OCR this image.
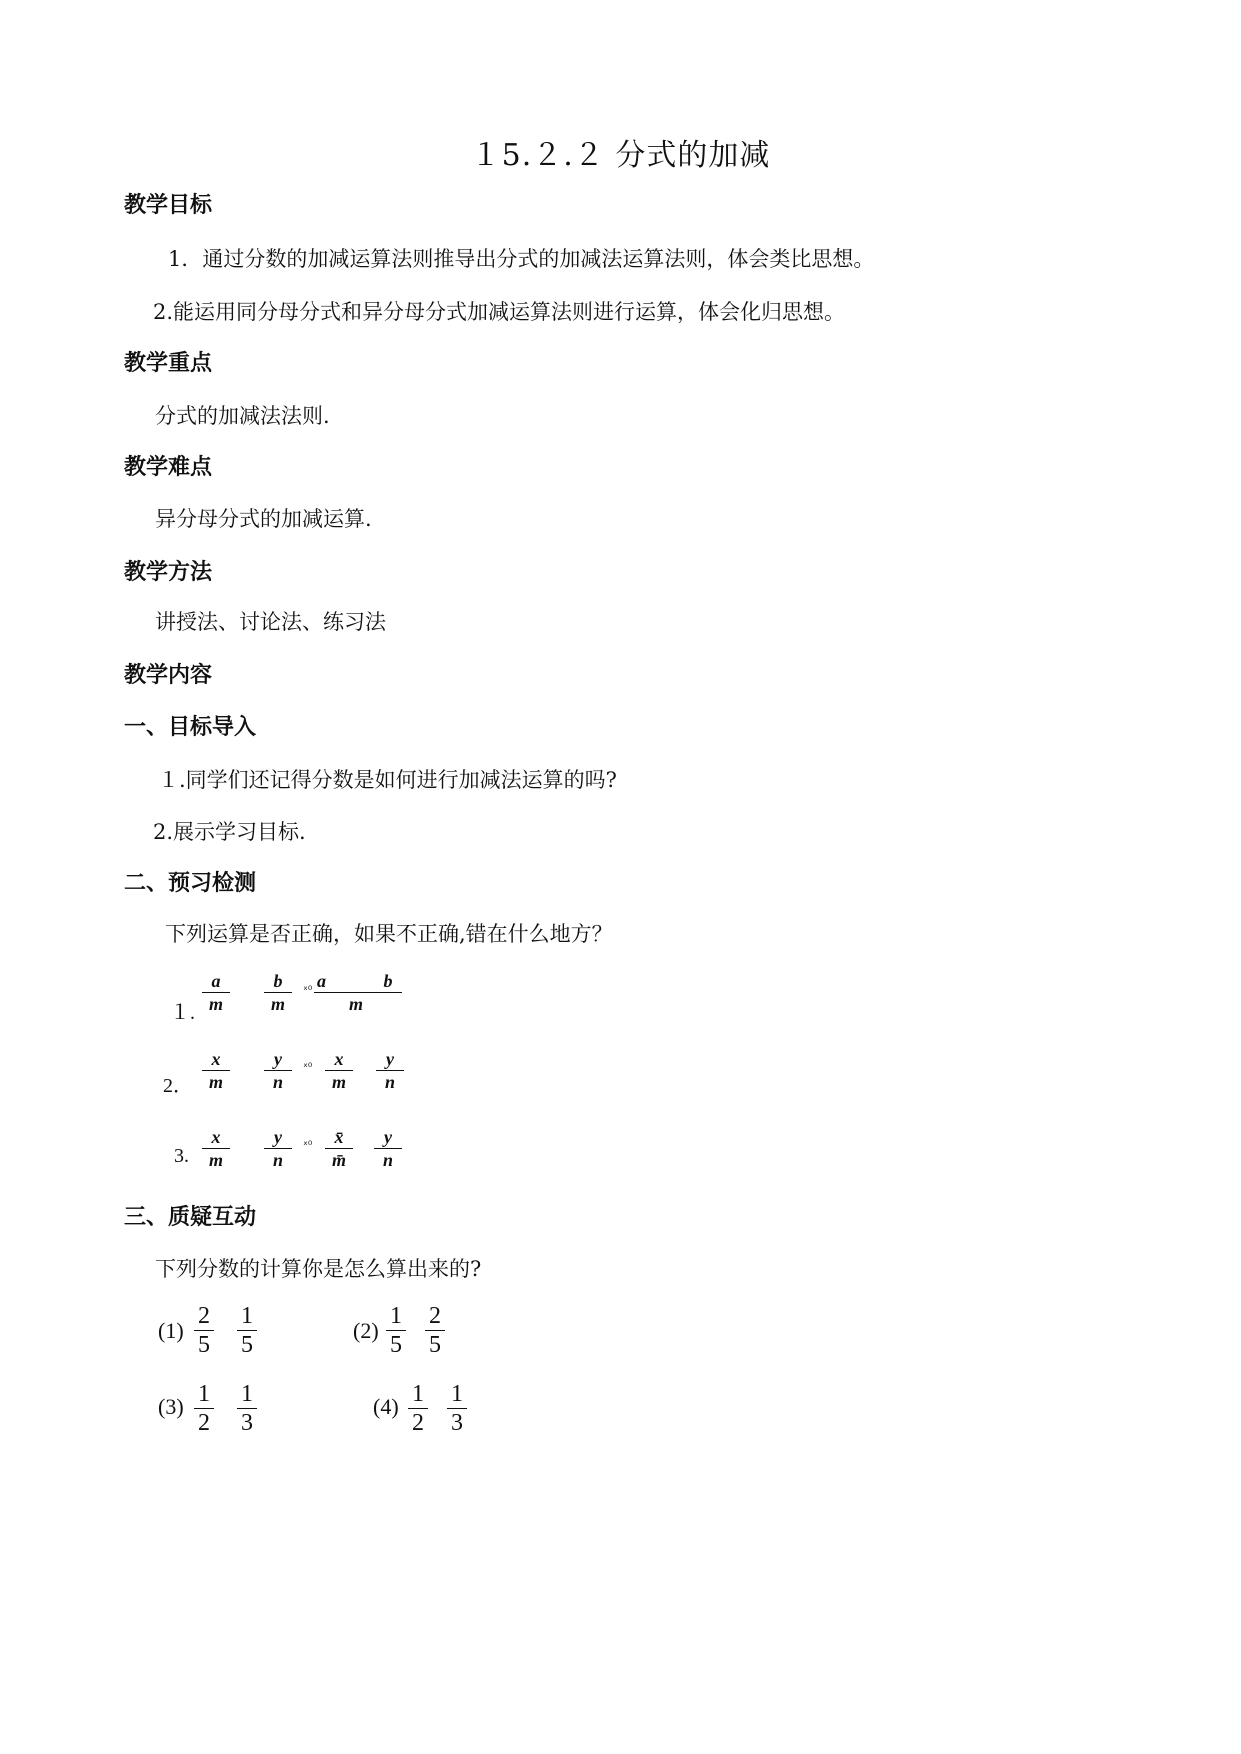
１5.２.２ 分式的加减
教学目标
1．通过分数的加减运算法则推导出分式的加减法运算法则，体会类比思想。
2.能运用同分母分式和异分母分式加减运算法则进行运算，体会化归思想。
教学重点
分式的加减法法则.
教学难点
异分母分式的加减运算.
教学方法
讲授法、讨论法、练习法
教学内容
一、目标导入
１.同学们还记得分数是如何进行加减法运算的吗?
2.展示学习目标.
二、预习检测
下列运算是否正确，如果不正确,错在什么地方？
１. $\frac{a}{m} \frac{b}{m} _{x0} \frac{a}{m}$
b
2． $\frac{x}{m} \frac{y}{n} _{x0} \frac{x}{m} \frac{y}{n}$
3. $\frac{x}{m} \frac{y}{n} _{x0} \frac{x̄}{m̄} \frac{y}{n}$
三、质疑互动
下列分数的计算你是怎么算出来的?
$(1) \frac{2}{5} \frac{1}{5}$	$(2) \frac{1}{5} \frac{2}{5}$
$(3) \frac{1}{2} \frac{1}{3}$	$(4) \frac{1}{2} \frac{1}{3}$
